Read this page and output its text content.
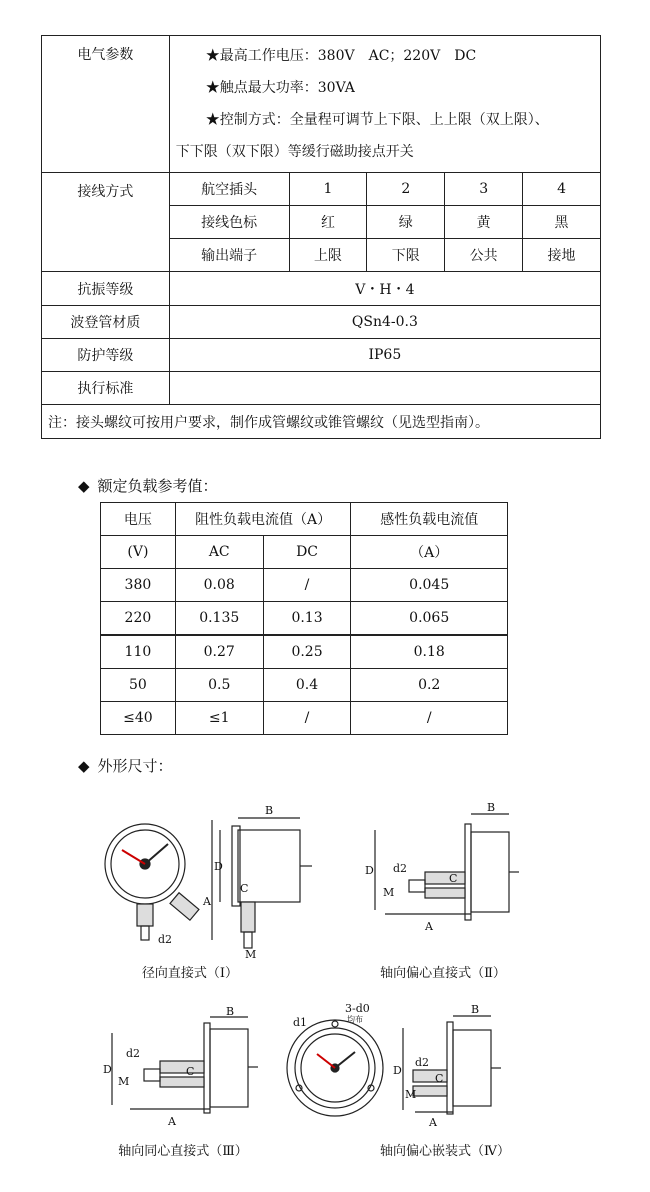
电气参数	★最高工作电压：380V　AC；220V　DC
★触点最大功率：30VA
★控制方式：全量程可调节上下限、上上限（双上限）、
下下限（双下限）等缓行磁助接点开关				

接线方式	航空插头	1	2	3	4
	接线色标	红	绿	黄	黑
	输出端子	上限	下限	公共	接地
抗振等级	V・H・4				
波登管材质	QSn4-0.3				
防护等级	IP65				
执行标准					
注：接头螺纹可按用户要求，制作成管螺纹或锥管螺纹（见选型指南）。					
◆ 额定负载参考值：
电压	阻性负载电流值（A）		感性负载电流值
(V)	AC	DC	（A）
380	0.08	/	0.045
220	0.135	0.13	0.065
110	0.27	0.25	0.18
50	0.5	0.4	0.2
≤40	≤1	/	/
◆ 外形尺寸：
B
D
A
C
M
d2
径向直接式（Ⅰ）
B
D
A
C
M
d2
轴向偏心直接式（Ⅱ）
B
D
A
C
M
d2
轴向同心直接式（Ⅲ）
3-d0
均布
d1
B
D
A
C
M
d2
轴向偏心嵌装式（Ⅳ）
